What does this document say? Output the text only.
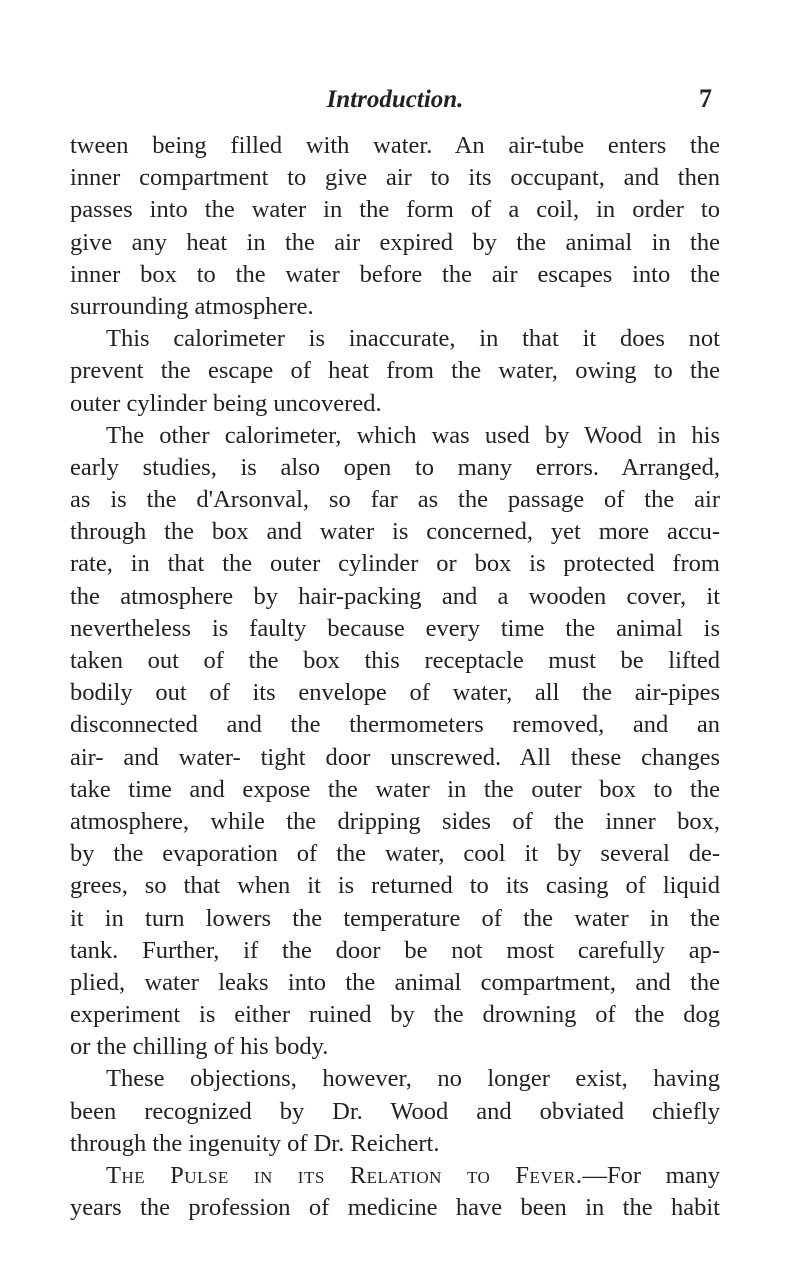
Introduction.	7
tween being filled with water. An air-tube enters the
inner compartment to give air to its occupant, and then
passes into the water in the form of a coil, in order to
give any heat in the air expired by the animal in the
inner box to the water before the air escapes into the
surrounding atmosphere.
This calorimeter is inaccurate, in that it does not
prevent the escape of heat from the water, owing to the
outer cylinder being uncovered.
The other calorimeter, which was used by Wood in his
early studies, is also open to many errors. Arranged,
as is the d'Arsonval, so far as the passage of the air
through the box and water is concerned, yet more accu-
rate, in that the outer cylinder or box is protected from
the atmosphere by hair-packing and a wooden cover, it
nevertheless is faulty because every time the animal is
taken out of the box this receptacle must be lifted
bodily out of its envelope of water, all the air-pipes
disconnected and the thermometers removed, and an
air- and water- tight door unscrewed. All these changes
take time and expose the water in the outer box to the
atmosphere, while the dripping sides of the inner box,
by the evaporation of the water, cool it by several de-
grees, so that when it is returned to its casing of liquid
it in turn lowers the temperature of the water in the
tank. Further, if the door be not most carefully ap-
plied, water leaks into the animal compartment, and the
experiment is either ruined by the drowning of the dog
or the chilling of his body.
These objections, however, no longer exist, having
been recognized by Dr. Wood and obviated chiefly
through the ingenuity of Dr. Reichert.
The Pulse in its Relation to Fever.—For many
years the profession of medicine have been in the habit
